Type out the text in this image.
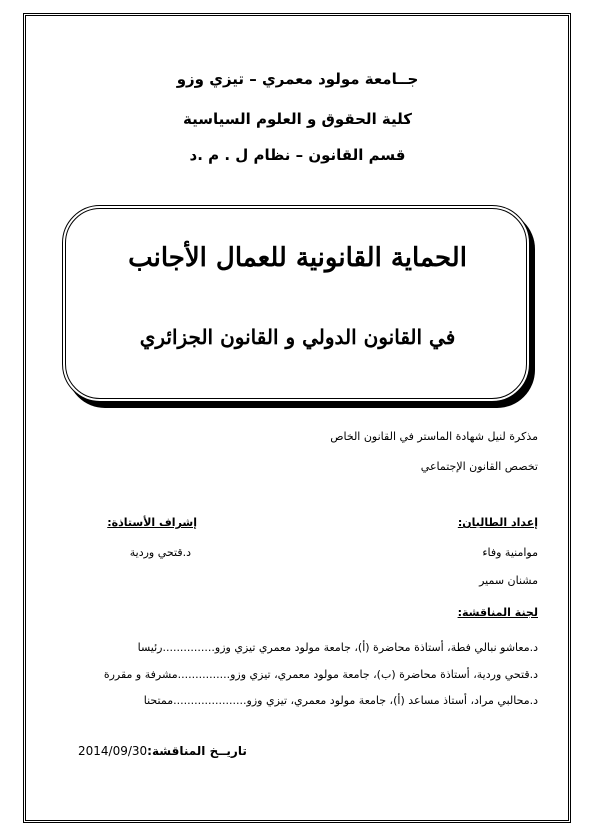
جــامعة مولود معمري – تيزي وزو
كلية الحقوق و العلوم السياسية
قسم القانون – نظام ل . م .د
الحماية القانونية للعمال الأجانب
في القانون الدولي و القانون الجزائري
مذكرة لنيل شهادة الماستر في القانون الخاص
تخصص القانون الإجتماعي
إعداد الطالبان:
موامنية وفاء
مشنان سمير
إشراف الأستاذة:
د.قتحي وردية
لجنة المناقشة:
د.معاشو نبالي فطة، أستاذة محاضرة (أ)، جامعة مولود معمري تيزي وزو...............رئيسا
د.قتحي وردية، أستاذة محاضرة (ب)، جامعة مولود معمري، تيزي وزو...............مشرفة و مقررة
د.محالبي مراد، أستاذ مساعد (أ)، جامعة مولود معمري، تيزي وزو.....................ممتحنا
2014/09/30تاريــخ المناقشة:
